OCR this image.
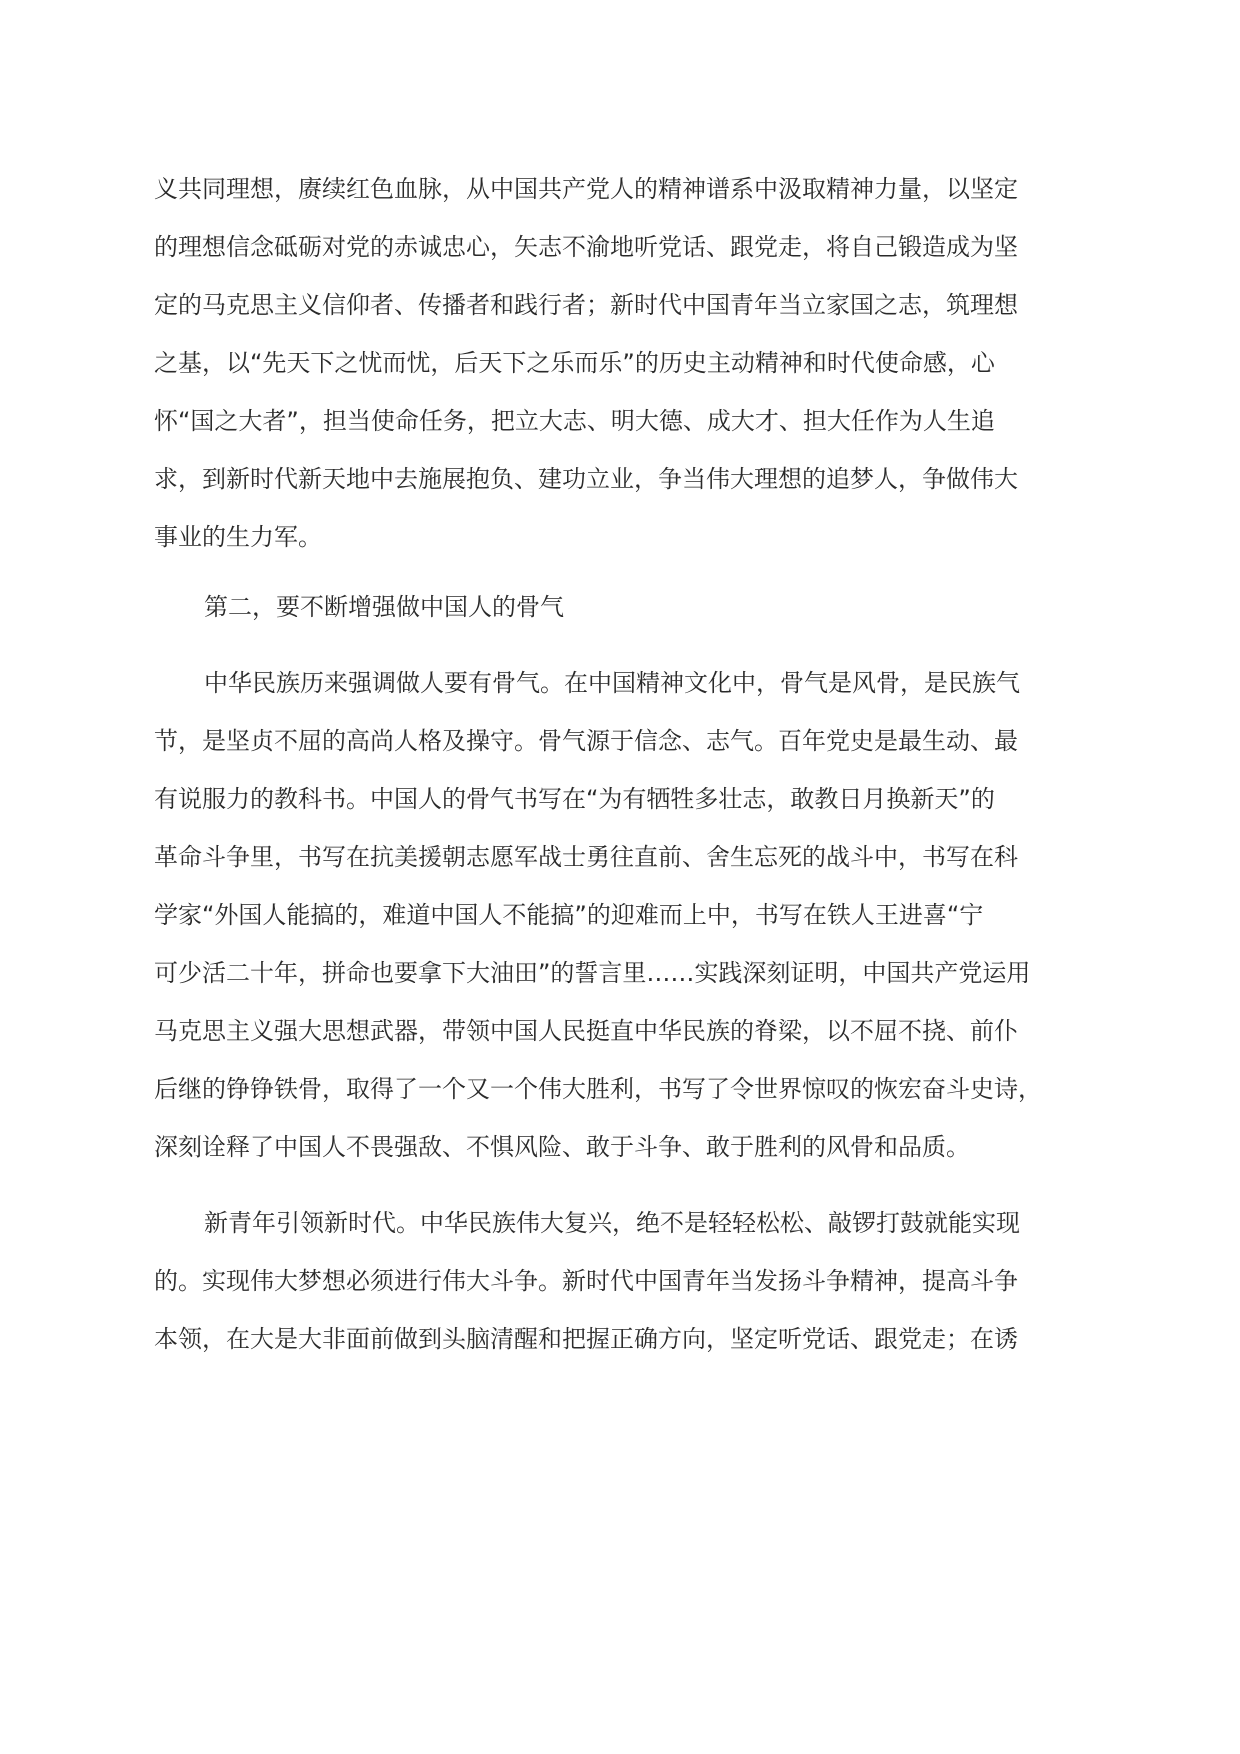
义共同理想，赓续红色血脉，从中国共产党人的精神谱系中汲取精神力量，以坚定
的理想信念砥砺对党的赤诚忠心，矢志不渝地听党话、跟党走，将自己锻造成为坚
定的马克思主义信仰者、传播者和践行者；新时代中国青年当立家国之志，筑理想
之基，以“先天下之忧而忧，后天下之乐而乐”的历史主动精神和时代使命感，心
怀“国之大者”，担当使命任务，把立大志、明大德、成大才、担大任作为人生追
求，到新时代新天地中去施展抱负、建功立业，争当伟大理想的追梦人，争做伟大
事业的生力军。
第二，要不断增强做中国人的骨气
中华民族历来强调做人要有骨气。在中国精神文化中，骨气是风骨，是民族气
节，是坚贞不屈的高尚人格及操守。骨气源于信念、志气。百年党史是最生动、最
有说服力的教科书。中国人的骨气书写在“为有牺牲多壮志，敢教日月换新天”的
革命斗争里，书写在抗美援朝志愿军战士勇往直前、舍生忘死的战斗中，书写在科
学家“外国人能搞的，难道中国人不能搞”的迎难而上中，书写在铁人王进喜“宁
可少活二十年，拼命也要拿下大油田”的誓言里……实践深刻证明，中国共产党运用
马克思主义强大思想武器，带领中国人民挺直中华民族的脊梁，以不屈不挠、前仆
后继的铮铮铁骨，取得了一个又一个伟大胜利，书写了令世界惊叹的恢宏奋斗史诗，
深刻诠释了中国人不畏强敌、不惧风险、敢于斗争、敢于胜利的风骨和品质。
新青年引领新时代。中华民族伟大复兴，绝不是轻轻松松、敲锣打鼓就能实现
的。实现伟大梦想必须进行伟大斗争。新时代中国青年当发扬斗争精神，提高斗争
本领，在大是大非面前做到头脑清醒和把握正确方向，坚定听党话、跟党走；在诱
